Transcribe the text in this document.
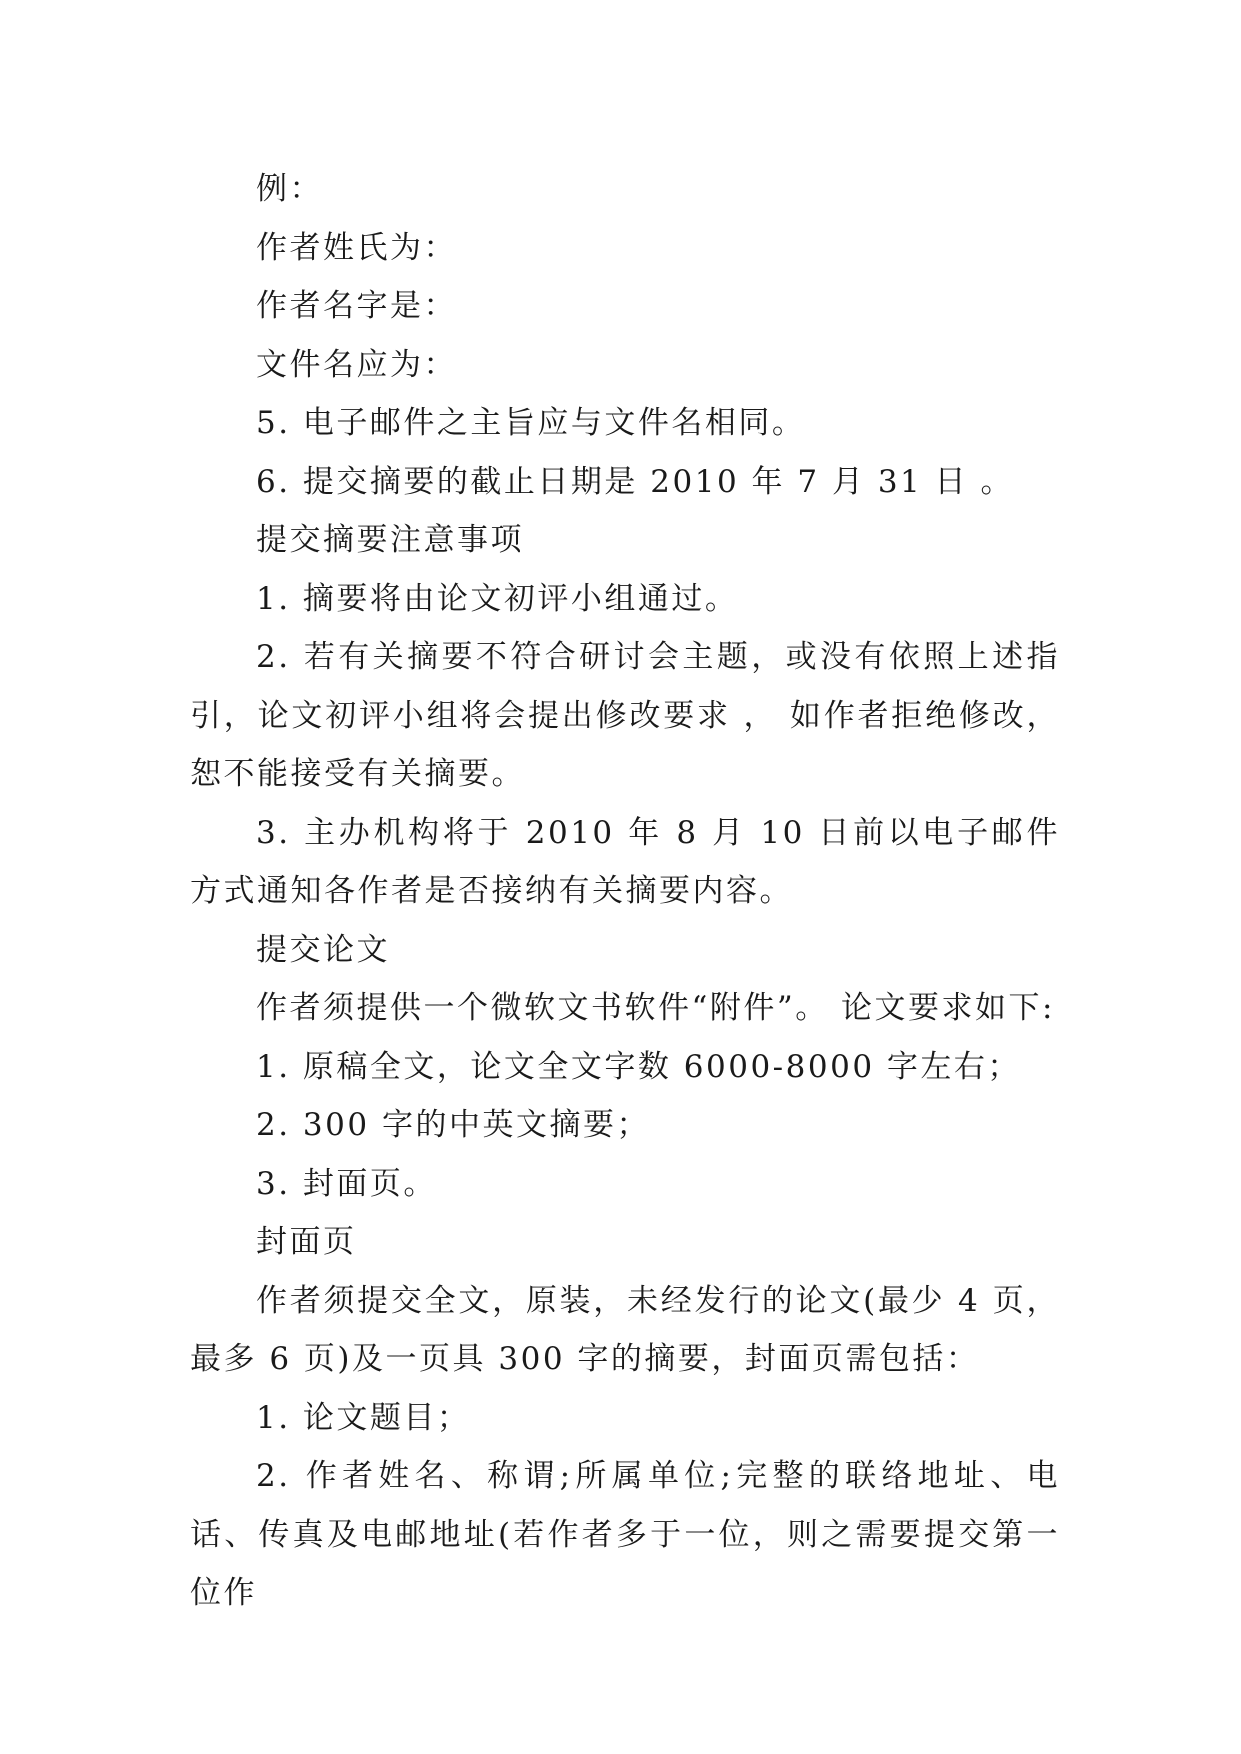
例：

作者姓氏为：

作者名字是：

文件名应为：

5. 电子邮件之主旨应与文件名相同。

6. 提交摘要的截止日期是 2010 年 7 月 31 日 。

提交摘要注意事项

1. 摘要将由论文初评小组通过。

2. 若有关摘要不符合研讨会主题，或没有依照上述指引，论文初评小组将会提出修改要求 ， 如作者拒绝修改，恕不能接受有关摘要。

3. 主办机构将于 2010 年 8 月 10 日前以电子邮件方式通知各作者是否接纳有关摘要内容。

提交论文

作者须提供一个微软文书软件“附件”。 论文要求如下:

1. 原稿全文，论文全文字数 6000-8000 字左右；

2. 300 字的中英文摘要；

3. 封面页。

封面页

作者须提交全文，原装，未经发行的论文(最少 4 页，最多 6 页)及一页具 300 字的摘要，封面页需包括：

1. 论文题目；

2. 作者姓名、称谓;所属单位;完整的联络地址、电话、传真及电邮地址(若作者多于一位，则之需要提交第一位作
